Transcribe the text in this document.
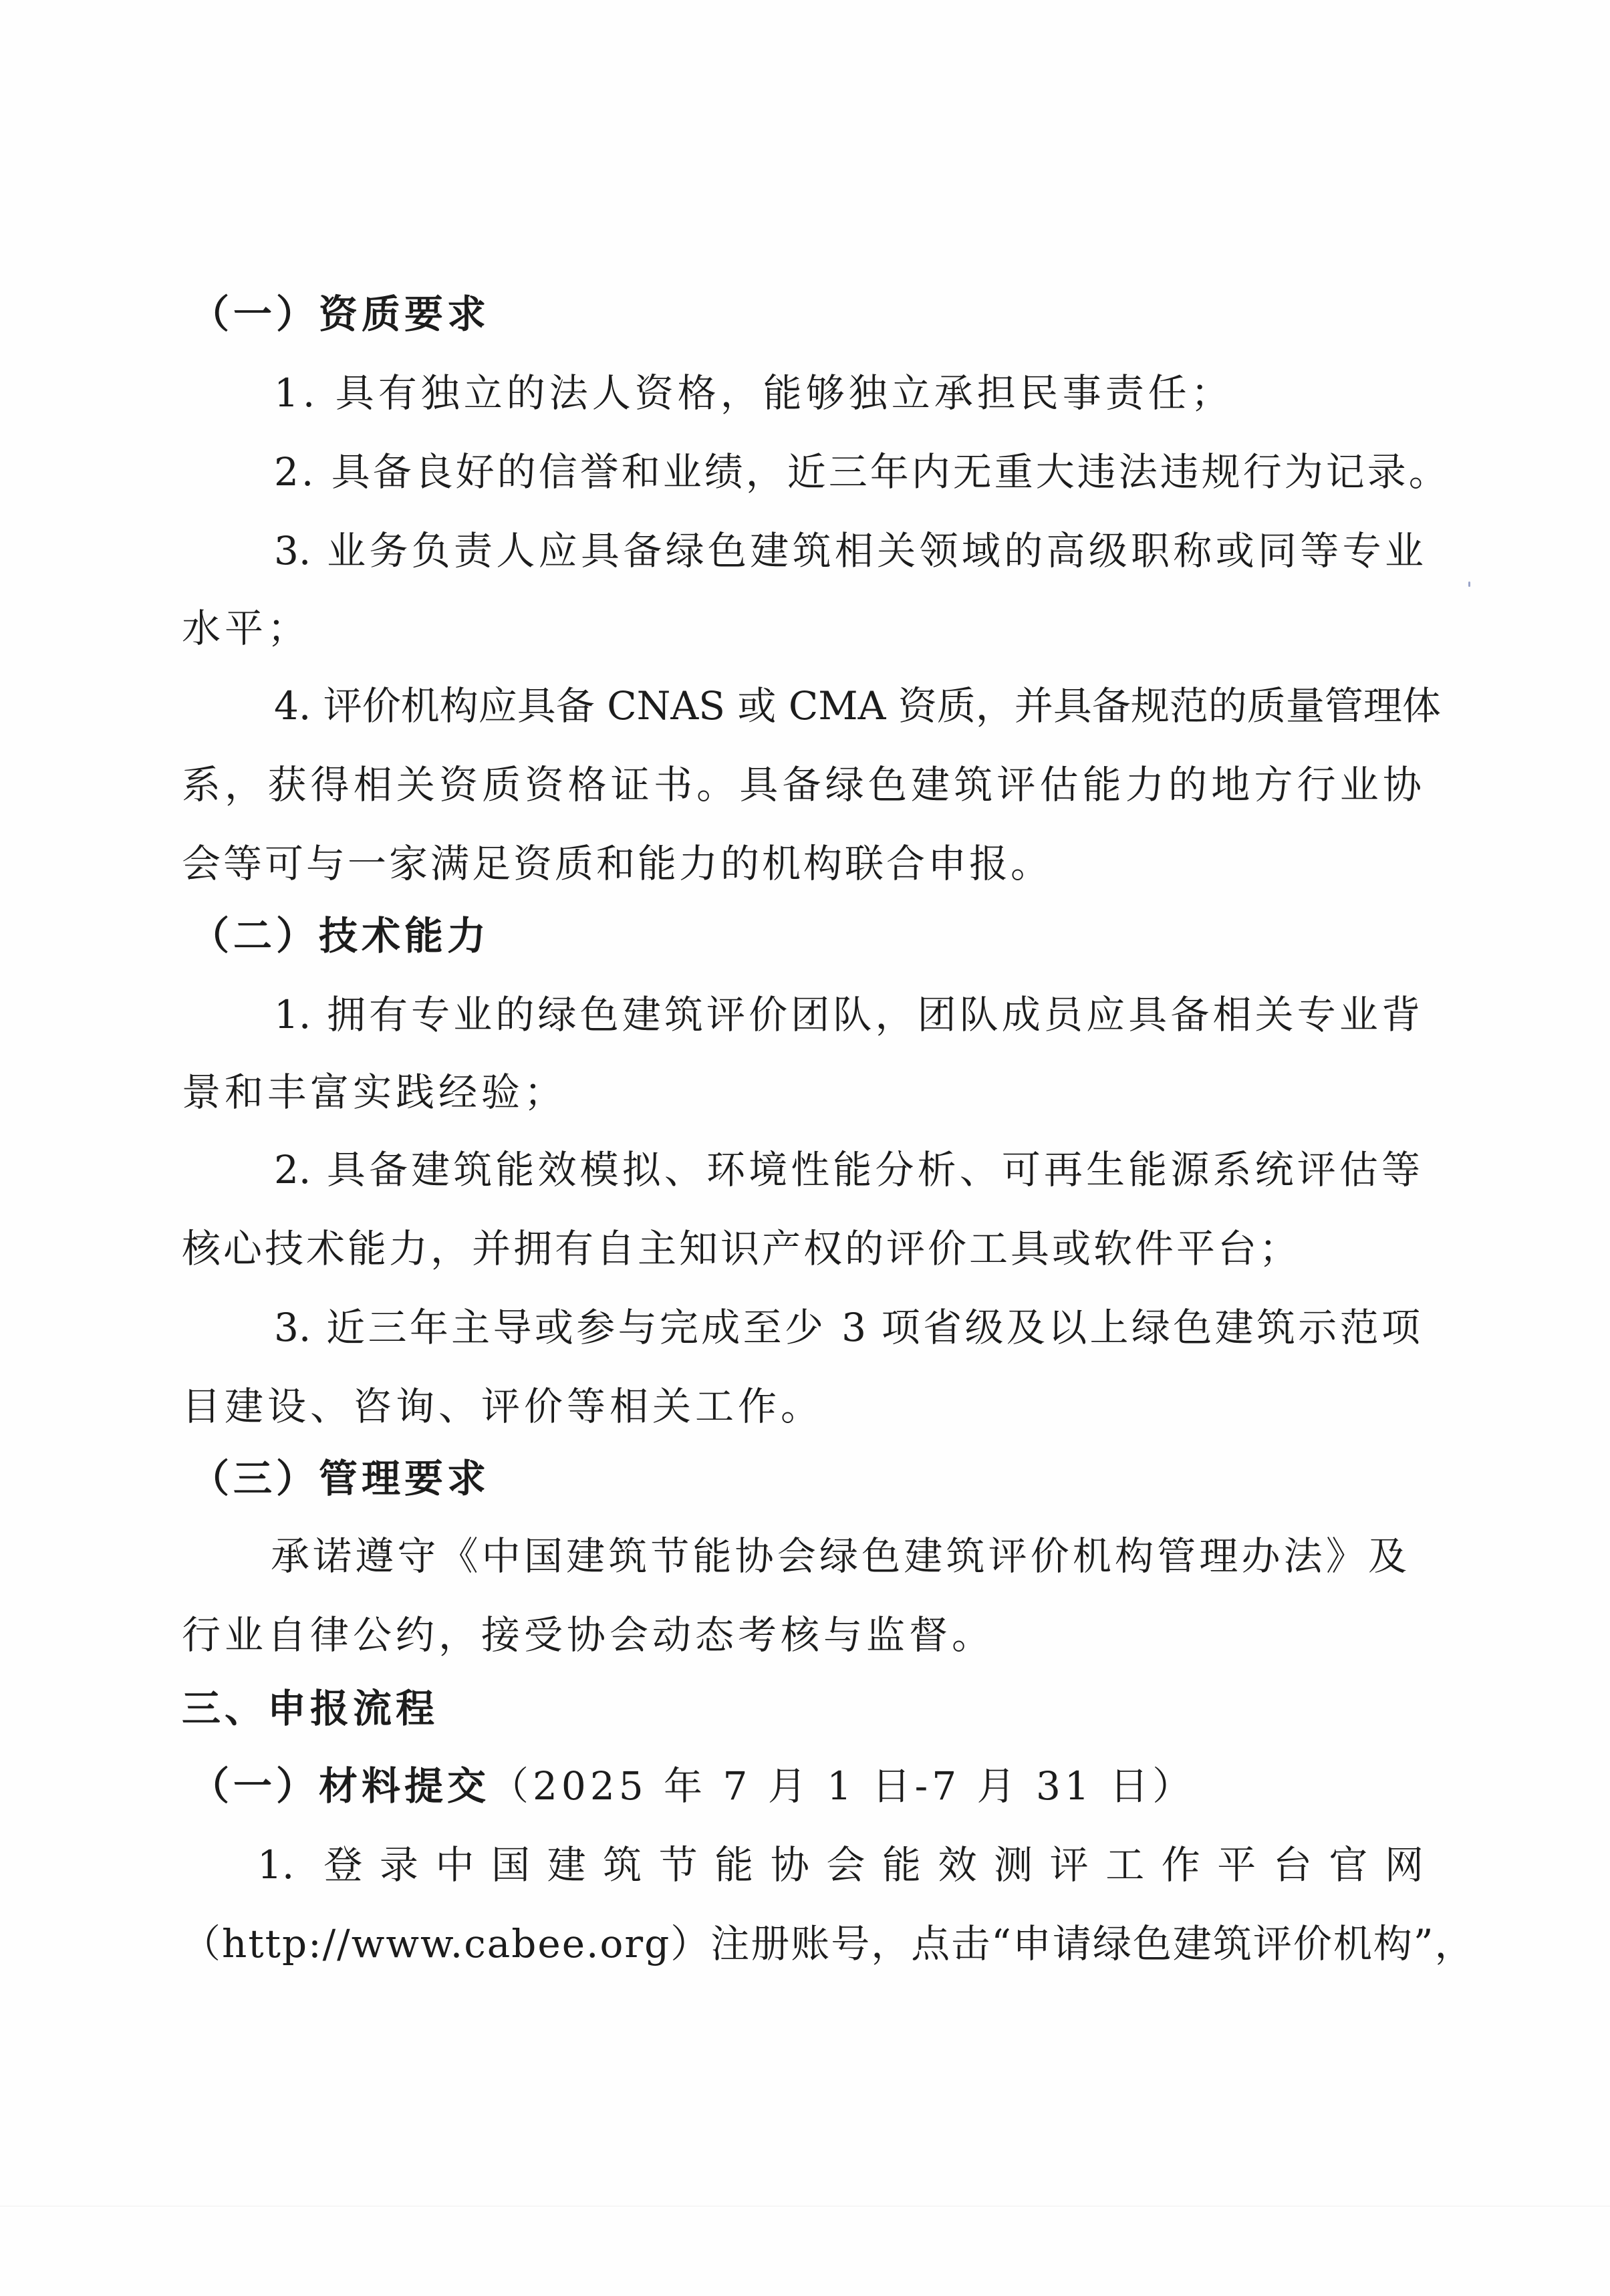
（一）资质要求
1. 具有独立的法人资格，能够独立承担民事责任；
2. 具备良好的信誉和业绩，近三年内无重大违法违规行为记录。
3. 业务负责人应具备绿色建筑相关领域的高级职称或同等专业
水平；
4. 评价机构应具备 CNAS 或 CMA 资质，并具备规范的质量管理体
系，获得相关资质资格证书。具备绿色建筑评估能力的地方行业协
会等可与一家满足资质和能力的机构联合申报。
（二）技术能力
1. 拥有专业的绿色建筑评价团队，团队成员应具备相关专业背
景和丰富实践经验；
2. 具备建筑能效模拟、环境性能分析、可再生能源系统评估等
核心技术能力，并拥有自主知识产权的评价工具或软件平台；
3. 近三年主导或参与完成至少 3 项省级及以上绿色建筑示范项
目建设、咨询、评价等相关工作。
（三）管理要求
承诺遵守《中国建筑节能协会绿色建筑评价机构管理办法》及
行业自律公约，接受协会动态考核与监督。
三、申报流程
（一）材料提交（2025 年 7 月 1 日-7 月 31 日）
1. 登录中国建筑节能协会能效测评工作平台官网
（http://www.cabee.org）注册账号，点击“申请绿色建筑评价机构”，
